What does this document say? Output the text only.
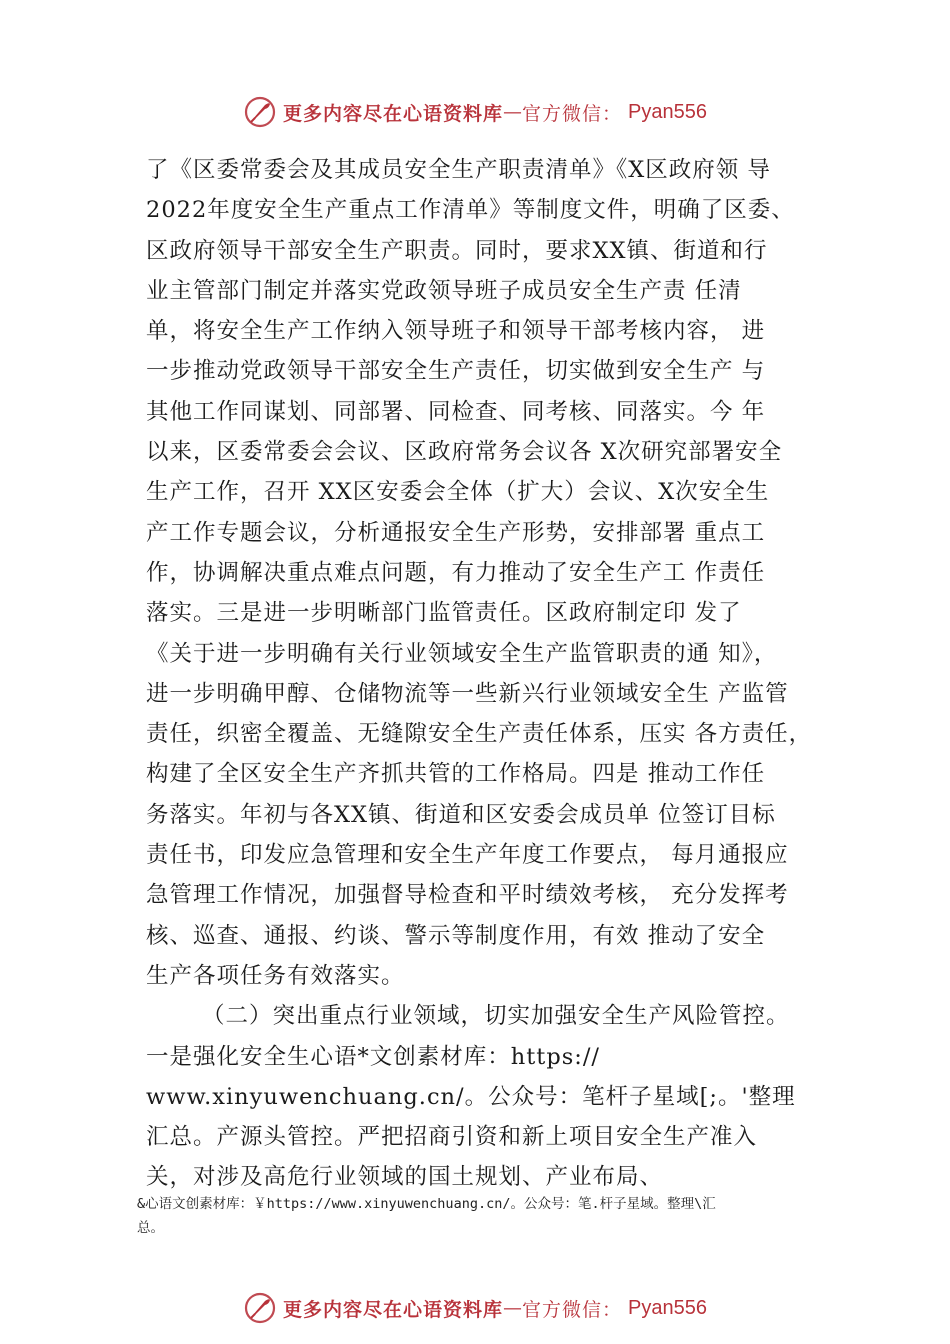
更多内容尽在心语资料库 — 官方微信： Pyan556
了《区委常委会及其成员安全生产职责清单》《X区政府领 导
2022年度安全生产重点工作清单》等制度文件，明确了区委、
区政府领导干部安全生产职责。同时，要求XX镇、街道和行
业主管部门制定并落实党政领导班子成员安全生产责 任清
单，将安全生产工作纳入领导班子和领导干部考核内容， 进
一步推动党政领导干部安全生产责任，切实做到安全生产 与
其他工作同谋划、同部署、同检查、同考核、同落实。今 年
以来，区委常委会会议、区政府常务会议各 X次研究部署安全
生产工作，召开 XX区安委会全体（扩大）会议、X次安全生
产工作专题会议，分析通报安全生产形势，安排部署 重点工
作，协调解决重点难点问题，有力推动了安全生产工 作责任
落实。三是进一步明晰部门监管责任。区政府制定印 发了
《关于进一步明确有关行业领域安全生产监管职责的通 知》，
进一步明确甲醇、仓储物流等一些新兴行业领域安全生 产监管
责任，织密全覆盖、无缝隙安全生产责任体系，压实 各方责任，
构建了全区安全生产齐抓共管的工作格局。四是 推动工作任
务落实。年初与各XX镇、街道和区安委会成员单 位签订目标
责任书，印发应急管理和安全生产年度工作要点， 每月通报应
急管理工作情况，加强督导检查和平时绩效考核， 充分发挥考
核、巡查、通报、约谈、警示等制度作用，有效 推动了安全
生产各项任务有效落实。
（二）突出重点行业领域，切实加强安全生产风险管控。
一是强化安全生心语*文创素材库：https://
www.xinyuwenchuang.cn/。公众号：笔杆子星域[;。'整理
汇总。产源头管控。严把招商引资和新上项目安全生产准入
关，对涉及高危行业领域的国土规划、产业布局、
&心语文创素材库：￥https://www.xinyuwenchuang.cn/。公众号：笔.杆子星域。整理\汇
总。
更多内容尽在心语资料库 — 官方微信： Pyan556
